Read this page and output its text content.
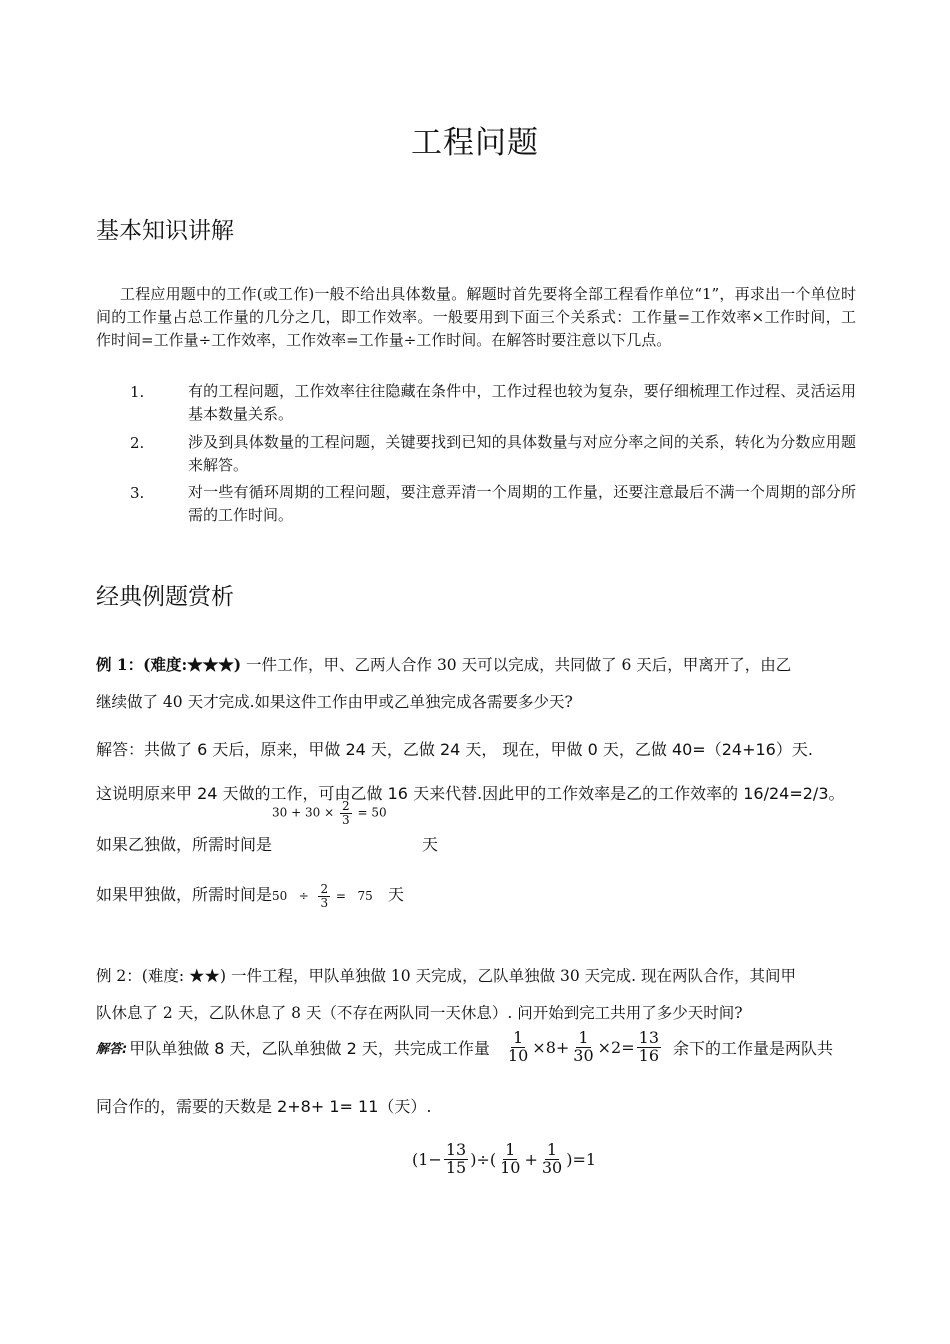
工程问题
基本知识讲解
工程应用题中的工作(或工作)一般不给出具体数量。解题时首先要将全部工程看作单位“1”，再求出一个单位时间的工作量占总工作量的几分之几，即工作效率。一般要用到下面三个关系式：工作量=工作效率×工作时间，工作时间=工作量÷工作效率，工作效率=工作量÷工作时间。在解答时要注意以下几点。
1.	有的工程问题，工作效率往往隐藏在条件中，工作过程也较为复杂，要仔细梳理工作过程、灵活运用基本数量关系。
2.	涉及到具体数量的工程问题，关键要找到已知的具体数量与对应分率之间的关系，转化为分数应用题来解答。
3.	对一些有循环周期的工程问题，要注意弄清一个周期的工作量，还要注意最后不满一个周期的部分所需的工作时间。
经典例题赏析
例 1：(难度:★★★) 一件工作，甲、乙两人合作 30 天可以完成，共同做了 6 天后，甲离开了，由乙
继续做了 40 天才完成.如果这件工作由甲或乙单独完成各需要多少天?
解答：共做了 6 天后，原来，甲做 24 天，乙做 24 天， 现在，甲做 0 天，乙做 40=（24+16）天.
这说明原来甲 24 天做的工作，可由乙做 16 天来代替.因此甲的工作效率是乙的工作效率的 16/24=2/3。
$30 + 30 \times \frac{2}{3} = 50$
如果乙独做，所需时间是	天
如果甲独做，所需时间是$50 \div \frac{2}{3} = 75$ 天
例 2：(难度: ★★) 一件工程，甲队单独做 10 天完成，乙队单独做 30 天完成. 现在两队合作，其间甲
队休息了 2 天，乙队休息了 8 天（不存在两队同一天休息）. 问开始到完工共用了多少天时间?
解答: 甲队单独做 8 天，乙队单独做 2 天，共完成工作量 $\frac{1}{10} \times 8+ \frac{1}{30} \times 2= \frac{13}{16}$ 余下的工作量是两队共
同合作的，需要的天数是 2+8+ 1= 11（天）.
($1- \frac{13}{15}$ )÷( $\frac{1}{10} + \frac{1}{30} )=1$
